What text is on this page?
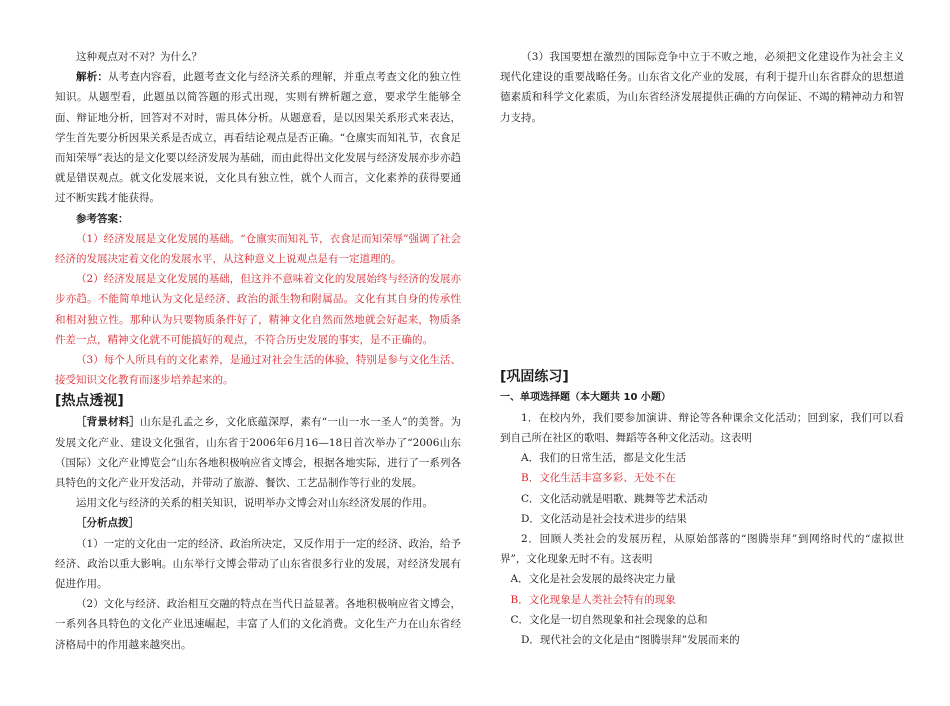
这种观点对不对？为什么？

解析：从考查内容看，此题考查文化与经济关系的理解，并重点考查文化的独立性知识。从题型看，此题虽以简答题的形式出现，实则有辨析题之意，要求学生能够全面、辩证地分析，回答对不对时，需具体分析。从题意看，是以因果关系形式来表达，学生首先要分析因果关系是否成立，再看结论观点是否正确。“仓廪实而知礼节，衣食足而知荣辱”表达的是文化要以经济发展为基础，而由此得出文化发展与经济发展亦步亦趋就是错误观点。就文化发展来说，文化具有独立性，就个人而言，文化素养的获得要通过不断实践才能获得。

参考答案：

（1）经济发展是文化发展的基础。“仓廪实而知礼节，衣食足而知荣辱”强调了社会经济的发展决定着文化的发展水平，从这种意义上说观点是有一定道理的。

（2）经济发展是文化发展的基础，但这并不意味着文化的发展始终与经济的发展亦步亦趋。不能简单地认为文化是经济、政治的派生物和附属品。文化有其自身的传承性和相对独立性。那种认为只要物质条件好了，精神文化自然而然地就会好起来，物质条件差一点，精神文化就不可能搞好的观点，不符合历史发展的事实，是不正确的。

（3）每个人所具有的文化素养，是通过对社会生活的体验，特别是参与文化生活、接受知识文化教育而逐步培养起来的。

[热点透视]

［背景材料］山东是孔孟之乡，文化底蕴深厚，素有“一山一水一圣人”的美誉。为发展文化产业、建设文化强省，山东省于2006年6月16—18日首次举办了“2006山东（国际）文化产业博览会”山东各地积极响应省文博会，根据各地实际，进行了一系列各具特色的文化产业开发活动，并带动了旅游、餐饮、工艺品制作等行业的发展。

运用文化与经济的关系的相关知识，说明举办文博会对山东经济发展的作用。

［分析点拨］

（1）一定的文化由一定的经济、政治所决定，又反作用于一定的经济、政治，给予经济、政治以重大影响。山东举行文博会带动了山东省很多行业的发展，对经济发展有促进作用。

（2）文化与经济、政治相互交融的特点在当代日益显著。各地积极响应省文博会，一系列各具特色的文化产业迅速崛起，丰富了人们的文化消费。文化生产力在山东省经济格局中的作用越来越突出。

（3）我国要想在激烈的国际竞争中立于不败之地，必须把文化建设作为社会主义现代化建设的重要战略任务。山东省文化产业的发展，有利于提升山东省群众的思想道德素质和科学文化素质，为山东省经济发展提供正确的方向保证、不竭的精神动力和智力支持。

[巩固练习]
一、单项选择题（本大题共 10 小题）

1．在校内外，我们要参加演讲、辩论等各种课余文化活动；回到家，我们可以看到自己所在社区的歌唱、舞蹈等各种文化活动。这表明

A．我们的日常生活，都是文化生活

B．文化生活丰富多彩、无处不在

C．文化活动就是唱歌、跳舞等艺术活动

D．文化活动是社会技术进步的结果

2．回顾人类社会的发展历程，从原始部落的“图腾崇拜”到网络时代的“虚拟世界”，文化现象无时不有。这表明

A．文化是社会发展的最终决定力量

B．文化现象是人类社会特有的现象

C．文化是一切自然现象和社会现象的总和

D．现代社会的文化是由“图腾崇拜”发展而来的
